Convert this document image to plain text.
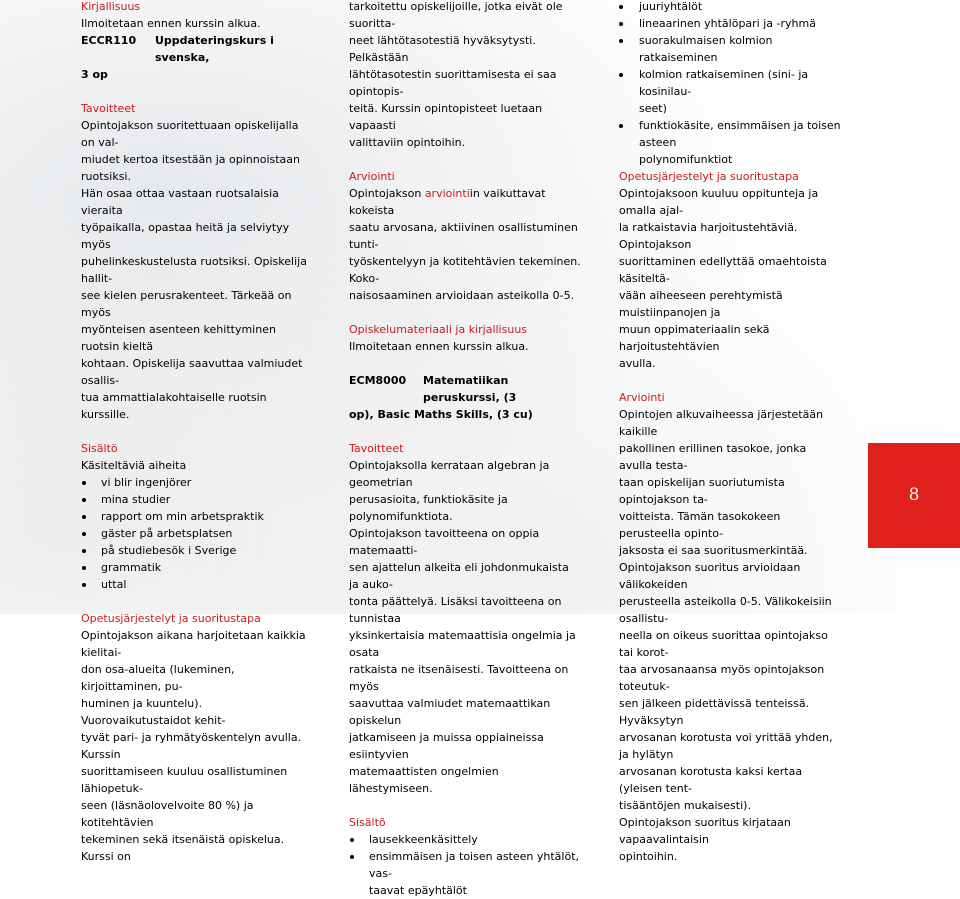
Kirjallisuus

Ilmoitetaan ennen kurssin alkua.

ECCR110	Uppdateringskurs i svenska,

3 op

Tavoitteet

Opintojakson suoritettuaan opiskelijalla on val-

miudet kertoa itsestään ja opinnoistaan ruotsiksi.

Hän osaa ottaa vastaan ruotsalaisia vieraita

työpaikalla, opastaa heitä ja selviytyy myös

puhelinkeskustelusta ruotsiksi. Opiskelija hallit-

see kielen perusrakenteet. Tärkeää on myös

myönteisen asenteen kehittyminen ruotsin kieltä

kohtaan. Opiskelija saavuttaa valmiudet osallis-

tua ammattialakohtaiselle ruotsin kurssille.

Sisältö

Käsiteltäviä aiheita

vi blir ingenjörer
mina studier
rapport om min arbetspraktik
gäster på arbetsplatsen
på studiebesök i Sverige
grammatik
uttal

Opetusjärjestelyt ja suoritustapa

Opintojakson aikana harjoitetaan kaikkia kielitai-

don osa-alueita (lukeminen, kirjoittaminen, pu-

huminen ja kuuntelu). Vuorovaikutustaidot kehit-

tyvät pari- ja ryhmätyöskentelyn avulla. Kurssin

suorittamiseen kuuluu osallistuminen lähiopetuk-

seen (läsnäolovelvoite 80 %) ja kotitehtävien

tekeminen sekä itsenäistä opiskelua. Kurssi on

tarkoitettu opiskelijoille, jotka eivät ole suoritta-

neet lähtötasotestiä hyväksytysti. Pelkästään

lähtötasotestin suorittamisesta ei saa opintopis-

teitä. Kurssin opintopisteet luetaan vapaasti

valittaviin opintoihin.

Arviointi

Opintojakson arviointiin vaikuttavat kokeista

saatu arvosana, aktiivinen osallistuminen tunti-

työskentelyyn ja kotitehtävien tekeminen. Koko-

naisosaaminen arvioidaan asteikolla 0-5.

Opiskelumateriaali ja kirjallisuus

Ilmoitetaan ennen kurssin alkua.

ECM8000	Matematiikan peruskurssi, (3

op), Basic Maths Skills, (3 cu)

Tavoitteet

Opintojaksolla kerrataan algebran ja geometrian

perusasioita, funktiokäsite ja polynomifunktiota.

Opintojakson tavoitteena on oppia matemaatti-

sen ajattelun alkeita eli johdonmukaista ja auko-

tonta päättelyä. Lisäksi tavoitteena on tunnistaa

yksinkertaisia matemaattisia ongelmia ja osata

ratkaista ne itsenäisesti. Tavoitteena on myös

saavuttaa valmiudet matemaattikan opiskelun

jatkamiseen ja muissa oppiaineissa esiintyvien

matemaattisten ongelmien lähestymiseen.

Sisältö

lausekkeenkäsittely
ensimmäisen ja toisen asteen yhtälöt, vas-
taavat epäyhtälöt
juuriyhtälöt
lineaarinen yhtälöpari ja -ryhmä
suorakulmaisen kolmion ratkaiseminen
kolmion ratkaiseminen (sini- ja kosinilau-
seet)
funktiokäsite, ensimmäisen ja toisen asteen
polynomifunktiot

Opetusjärjestelyt ja suoritustapa

Opintojaksoon kuuluu oppitunteja ja omalla ajal-

la ratkaistavia harjoitustehtäviä. Opintojakson

suorittaminen edellyttää omaehtoista käsiteltä-

vään aiheeseen perehtymistä muistiinpanojen ja

muun oppimateriaalin sekä harjoitustehtävien

avulla.

Arviointi

Opintojen alkuvaiheessa järjestetään kaikille

pakollinen erillinen tasokoe, jonka avulla testa-

taan opiskelijan suoriutumista opintojakson ta-

voitteista. Tämän tasokokeen perusteella opinto-

jaksosta ei saa suoritusmerkintää.

Opintojakson suoritus arvioidaan välikokeiden

perusteella asteikolla 0-5. Välikokeisiin osallistu-

neella on oikeus suorittaa opintojakso tai korot-

taa arvosanaansa myös opintojakson toteutuk-

sen jälkeen pidettävissä tenteissä. Hyväksytyn

arvosanan korotusta voi yrittää yhden, ja hylätyn

arvosanan korotusta kaksi kertaa (yleisen tent-

tisääntöjen mukaisesti).

Opintojakson suoritus kirjataan vapaavalintaisin

opintoihin.

8
